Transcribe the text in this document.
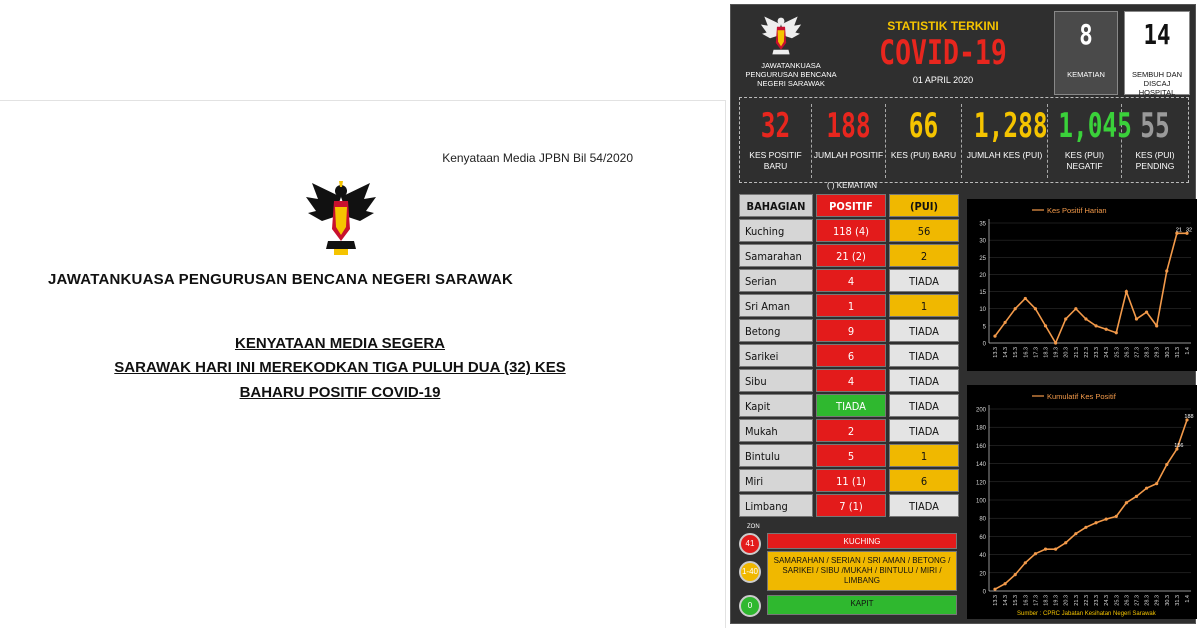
Kenyataan Media JPBN Bil 54/2020
JAWATANKUASA PENGURUSAN BENCANA NEGERI SARAWAK
KENYATAAN MEDIA SEGERA
SARAWAK HARI INI MEREKODKAN TIGA PULUH DUA (32) KES
BAHARU POSITIF COVID-19
JAWATANKUASA PENGURUSAN BENCANA NEGERI SARAWAK
STATISTIK TERKINI
COVID-19
01 APRIL 2020
8
KEMATIAN
14
SEMBUH DAN DISCAJ HOSPITAL
32
KES POSITIF BARU
188
JUMLAH POSITIF
66
KES (PUI) BARU
1,288
JUMLAH KES (PUI)
1,045
KES (PUI) NEGATIF
55
KES (PUI) PENDING
( ) KEMATIAN
BAHAGIAN	POSITIF	(PUI)
Kuching	118 (4)	56
Samarahan	21 (2)	2
Serian	4	TIADA
Sri Aman	1	1
Betong	9	TIADA
Sarikei	6	TIADA
Sibu	4	TIADA
Kapit	TIADA	TIADA
Mukah	2	TIADA
Bintulu	5	1
Miri	11 (1)	6
Limbang	7 (1)	TIADA
ZON
41	KUCHING
1-40
SAMARAHAN / SERIAN / SRI AMAN / BETONG / SARIKEI / SIBU /MUKAH / BINTULU / MIRI / LIMBANG
0	KAPIT
Kes Positif Harian
0
5
10
15
20
25
30
35
13.3 14.3 15.3 16.3 17.3 18.3 19.3 20.3 21.3 22.3 23.3 24.3 25.3 26.3 27.3 28.3 29.3 30.3 31.3 1.4
21 32
Kumulatif Kes Positif
0
20
40
60
80
100
120
140
160
180
200
13.3 14.3 15.3 16.3 17.3 18.3 19.3 20.3 21.3 22.3 23.3 24.3 25.3 26.3 27.3 28.3 29.3 30.3 31.3 1.4
156
188
Sumber : CPRC Jabatan Kesihatan Negeri Sarawak
